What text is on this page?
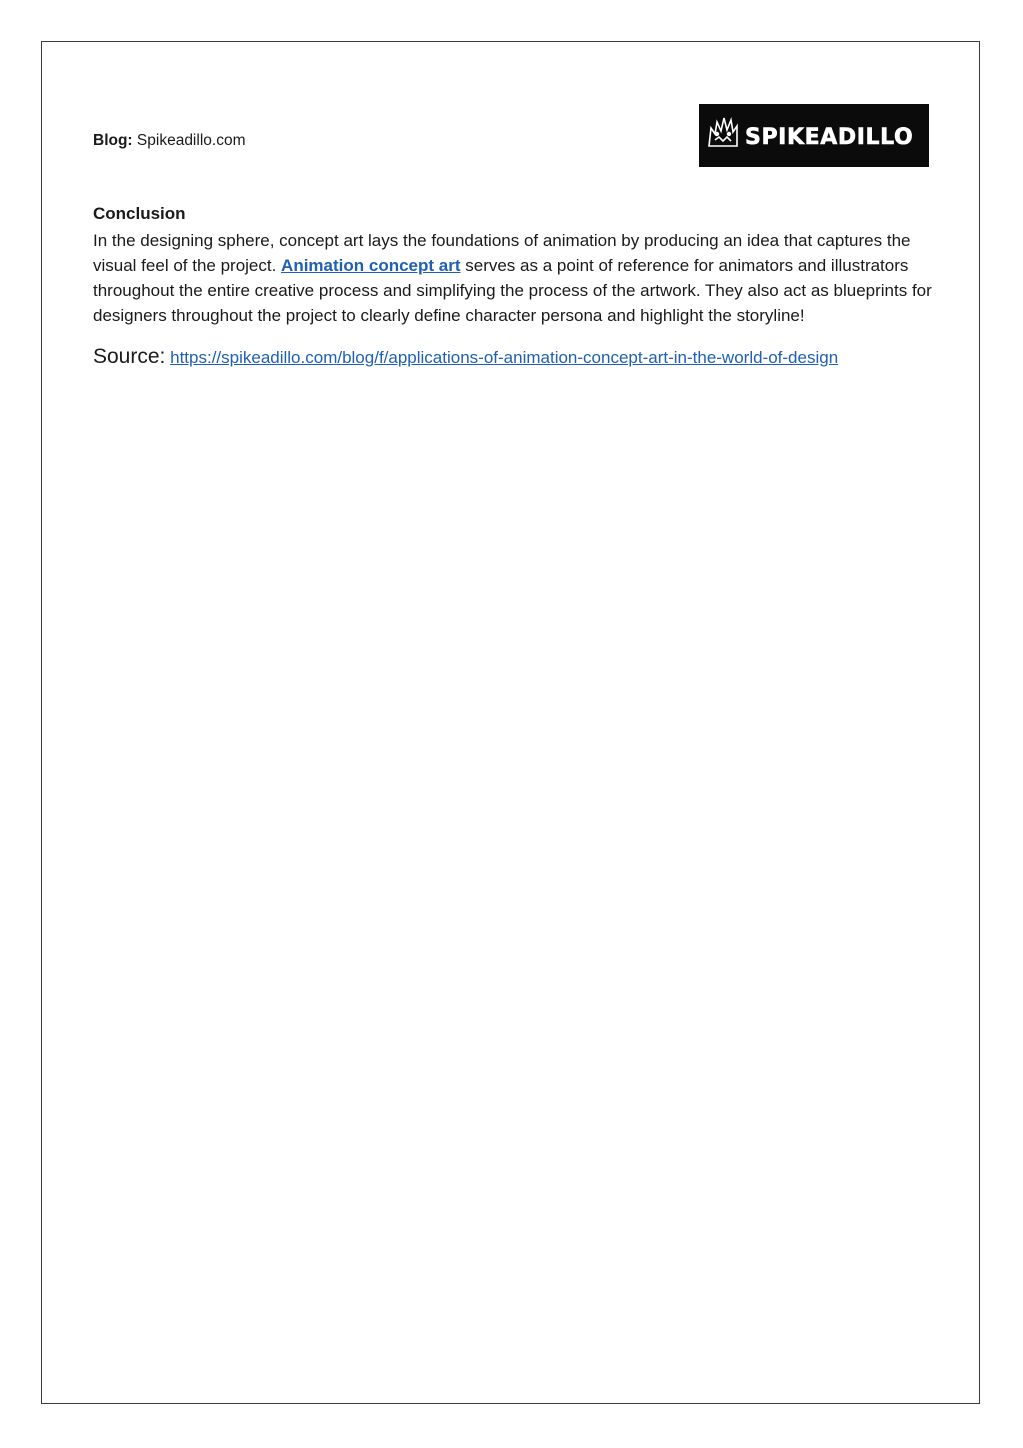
Blog: Spikeadillo.com	SPIKEADILLO

Conclusion

In the designing sphere, concept art lays the foundations of animation by producing an idea that captures the visual feel of the project. Animation concept art serves as a point of reference for animators and illustrators throughout the entire creative process and simplifying the process of the artwork. They also act as blueprints for designers throughout the project to clearly define character persona and highlight the storyline!

Source: https://spikeadillo.com/blog/f/applications-of-animation-concept-art-in-the-world-of-design
